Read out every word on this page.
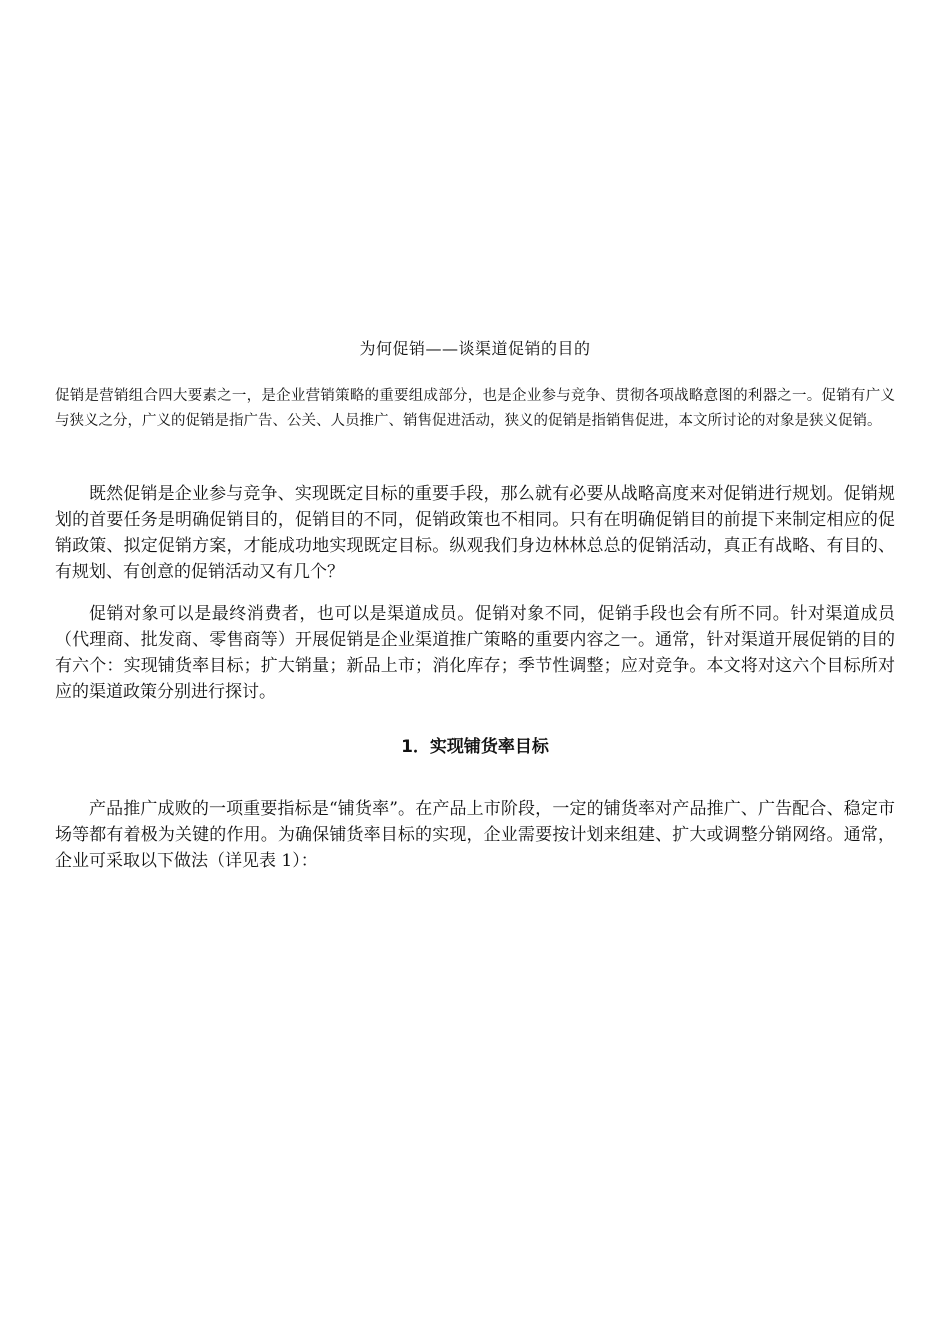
为何促销——谈渠道促销的目的

促销是营销组合四大要素之一，是企业营销策略的重要组成部分，也是企业参与竞争、贯彻各项战略意图的利器之一。促销有广义与狭义之分，广义的促销是指广告、公关、人员推广、销售促进活动，狭义的促销是指销售促进，本文所讨论的对象是狭义促销。

既然促销是企业参与竞争、实现既定目标的重要手段，那么就有必要从战略高度来对促销进行规划。促销规划的首要任务是明确促销目的，促销目的不同，促销政策也不相同。只有在明确促销目的前提下来制定相应的促销政策、拟定促销方案，才能成功地实现既定目标。纵观我们身边林林总总的促销活动，真正有战略、有目的、有规划、有创意的促销活动又有几个？

促销对象可以是最终消费者，也可以是渠道成员。促销对象不同，促销手段也会有所不同。针对渠道成员（代理商、批发商、零售商等）开展促销是企业渠道推广策略的重要内容之一。通常，针对渠道开展促销的目的有六个：实现铺货率目标；扩大销量；新品上市；消化库存；季节性调整；应对竞争。本文将对这六个目标所对应的渠道政策分别进行探讨。

1．实现铺货率目标

产品推广成败的一项重要指标是“铺货率”。在产品上市阶段，一定的铺货率对产品推广、广告配合、稳定市场等都有着极为关键的作用。为确保铺货率目标的实现，企业需要按计划来组建、扩大或调整分销网络。通常，企业可采取以下做法（详见表 1）：
